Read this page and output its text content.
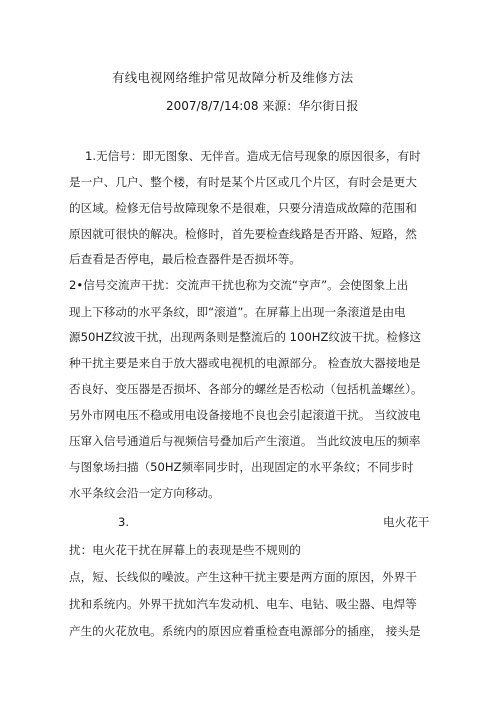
有线电视网络维护常见故障分析及维修方法
2007/8/7/14:08 来源：华尔街日报
1.无信号：即无图象、无伴音。造成无信号现象的原因很多，有时
是一户、几户、整个楼，有时是某个片区或几个片区，有时会是更大
的区域。检修无信号故障现象不是很难，只要分清造成故障的范围和
原因就可很快的解决。检修时，首先要检查线路是否开路、短路，然
后查看是否停电，最后检查器件是否损坏等。
2•信号交流声干扰：交流声干扰也称为交流“亨声”。会使图象上出
现上下移动的水平条纹，即“滚道”。在屏幕上出现一条滚道是由电
源50HZ纹波干扰，出现两条则是整流后的 100HZ纹波干扰。检修这
种干扰主要是来自于放大器或电视机的电源部分。 检查放大器接地是
否良好、变压器是否损坏、各部分的螺丝是否松动（包括机盖螺丝）。
另外市网电压不稳或用电设备接地不良也会引起滚道干扰。 当纹波电
压窜入信号通道后与视频信号叠加后产生滚道。 当此纹波电压的频率
与图象场扫描（50HZ频率同步时，出现固定的水平条纹；不同步时
水平条纹会沿一定方向移动。
3.	电火花干
扰：电火花干扰在屏幕上的表现是些不规则的
点，短、长线似的噪波。产生这种干扰主要是两方面的原因，外界干
扰和系统内。外界干扰如汽车发动机、电车、电钻、吸尘器、电焊等
产生的火花放电。系统内的原因应着重检查电源部分的插座， 接头是
